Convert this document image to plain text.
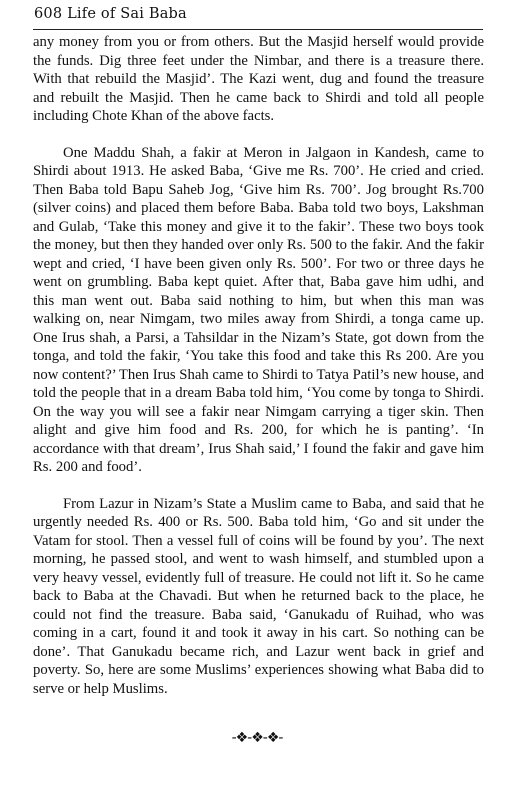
608 Life of Sai Baba

any money from you or from others. But the Masjid herself would provide the funds. Dig three feet under the Nimbar, and there is a treasure there. With that rebuild the Masjid’. The Kazi went, dug and found the treasure and rebuilt the Masjid. Then he came back to Shirdi and told all people including Chote Khan of the above facts.

One Maddu Shah, a fakir at Meron in Jalgaon in Kandesh, came to Shirdi about 1913. He asked Baba, ‘Give me Rs. 700’. He cried and cried. Then Baba told Bapu Saheb Jog, ‘Give him Rs. 700’. Jog brought Rs.700 (silver coins) and placed them before Baba. Baba told two boys, Lakshman and Gulab, ‘Take this money and give it to the fakir’. These two boys took the money, but then they handed over only Rs. 500 to the fakir. And the fakir wept and cried, ‘I have been given only Rs. 500’. For two or three days he went on grumbling. Baba kept quiet. After that, Baba gave him udhi, and this man went out. Baba said nothing to him, but when this man was walking on, near Nimgam, two miles away from Shirdi, a tonga came up. One Irus shah, a Parsi, a Tahsildar in the Nizam’s State, got down from the tonga, and told the fakir, ‘You take this food and take this Rs 200. Are you now content?’ Then Irus Shah came to Shirdi to Tatya Patil’s new house, and told the people that in a dream Baba told him, ‘You come by tonga to Shirdi. On the way you will see a fakir near Nimgam carrying a tiger skin. Then alight and give him food and Rs. 200, for which he is panting’. ‘In accordance with that dream’, Irus Shah said,’ I found the fakir and gave him Rs. 200 and food’.

From Lazur in Nizam’s State a Muslim came to Baba, and said that he urgently needed Rs. 400 or Rs. 500. Baba told him, ‘Go and sit under the Vatam for stool. Then a vessel full of coins will be found by you’. The next morning, he passed stool, and went to wash himself, and stumbled upon a very heavy vessel, evidently full of treasure. He could not lift it. So he came back to Baba at the Chavadi. But when he returned back to the place, he could not find the treasure. Baba said, ‘Ganukadu of Ruihad, who was coming in a cart, found it and took it away in his cart. So nothing can be done’. That Ganukadu became rich, and Lazur went back in grief and poverty. So, here are some Muslims’ experiences showing what Baba did to serve or help Muslims.

-❖-❖-❖-
